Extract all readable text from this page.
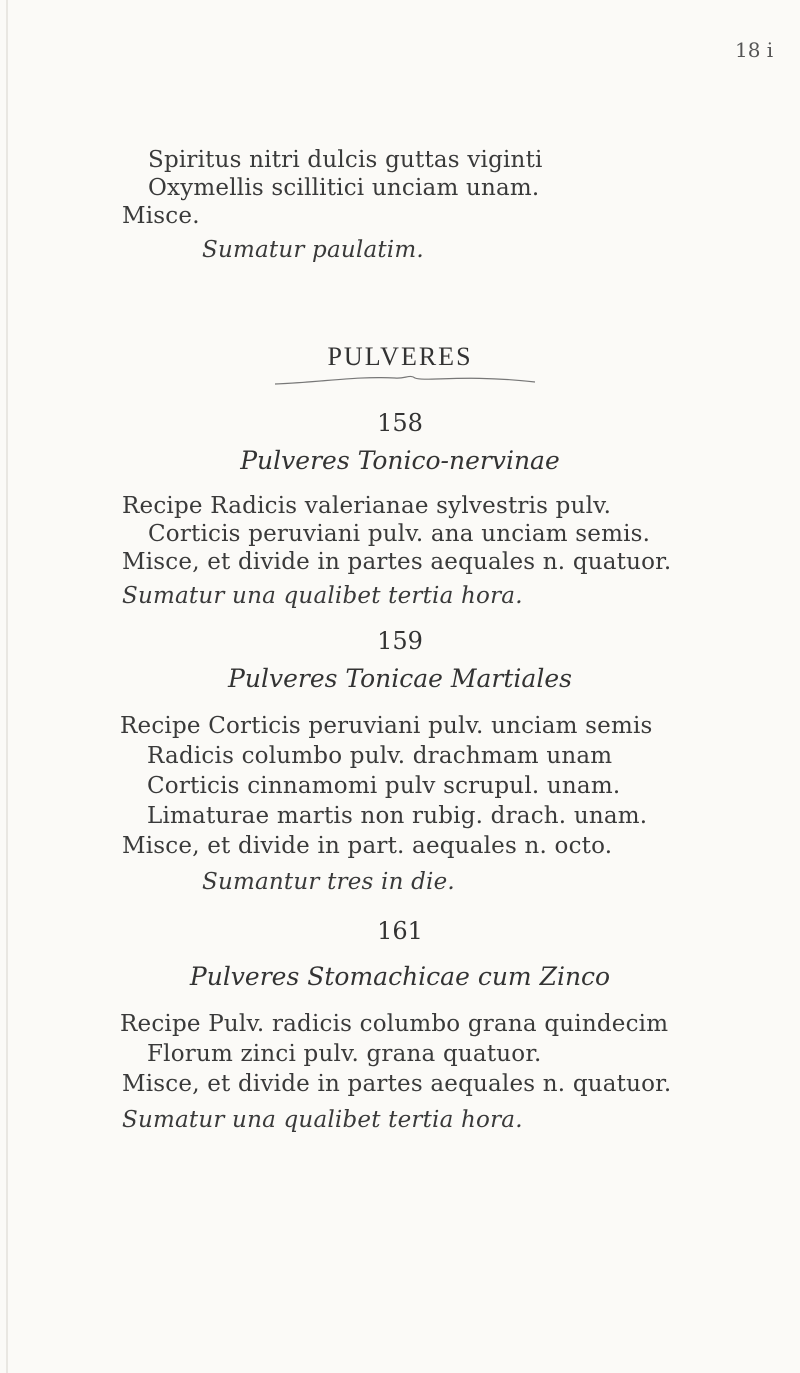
18 i
Spiritus nitri dulcis guttas viginti
Oxymellis scillitici unciam unam.
Misce.
Sumatur paulatim.
PULVERES
158
Pulveres Tonico-nervinae
Recipe Radicis valerianae sylvestris pulv.
Corticis peruviani pulv. ana unciam semis.
Misce, et divide in partes aequales n. quatuor.
Sumatur una qualibet tertia hora.
159
Pulveres Tonicae Martiales
Recipe Corticis peruviani pulv. unciam semis
Radicis columbo pulv. drachmam unam
Corticis cinnamomi pulv scrupul. unam.
Limaturae martis non rubig. drach. unam.
Misce, et divide in part. aequales n. octo.
Sumantur tres in die.
161
Pulveres Stomachicae cum Zinco
Recipe Pulv. radicis columbo grana quindecim
Florum zinci pulv. grana quatuor.
Misce, et divide in partes aequales n. quatuor.
Sumatur una qualibet tertia hora.
